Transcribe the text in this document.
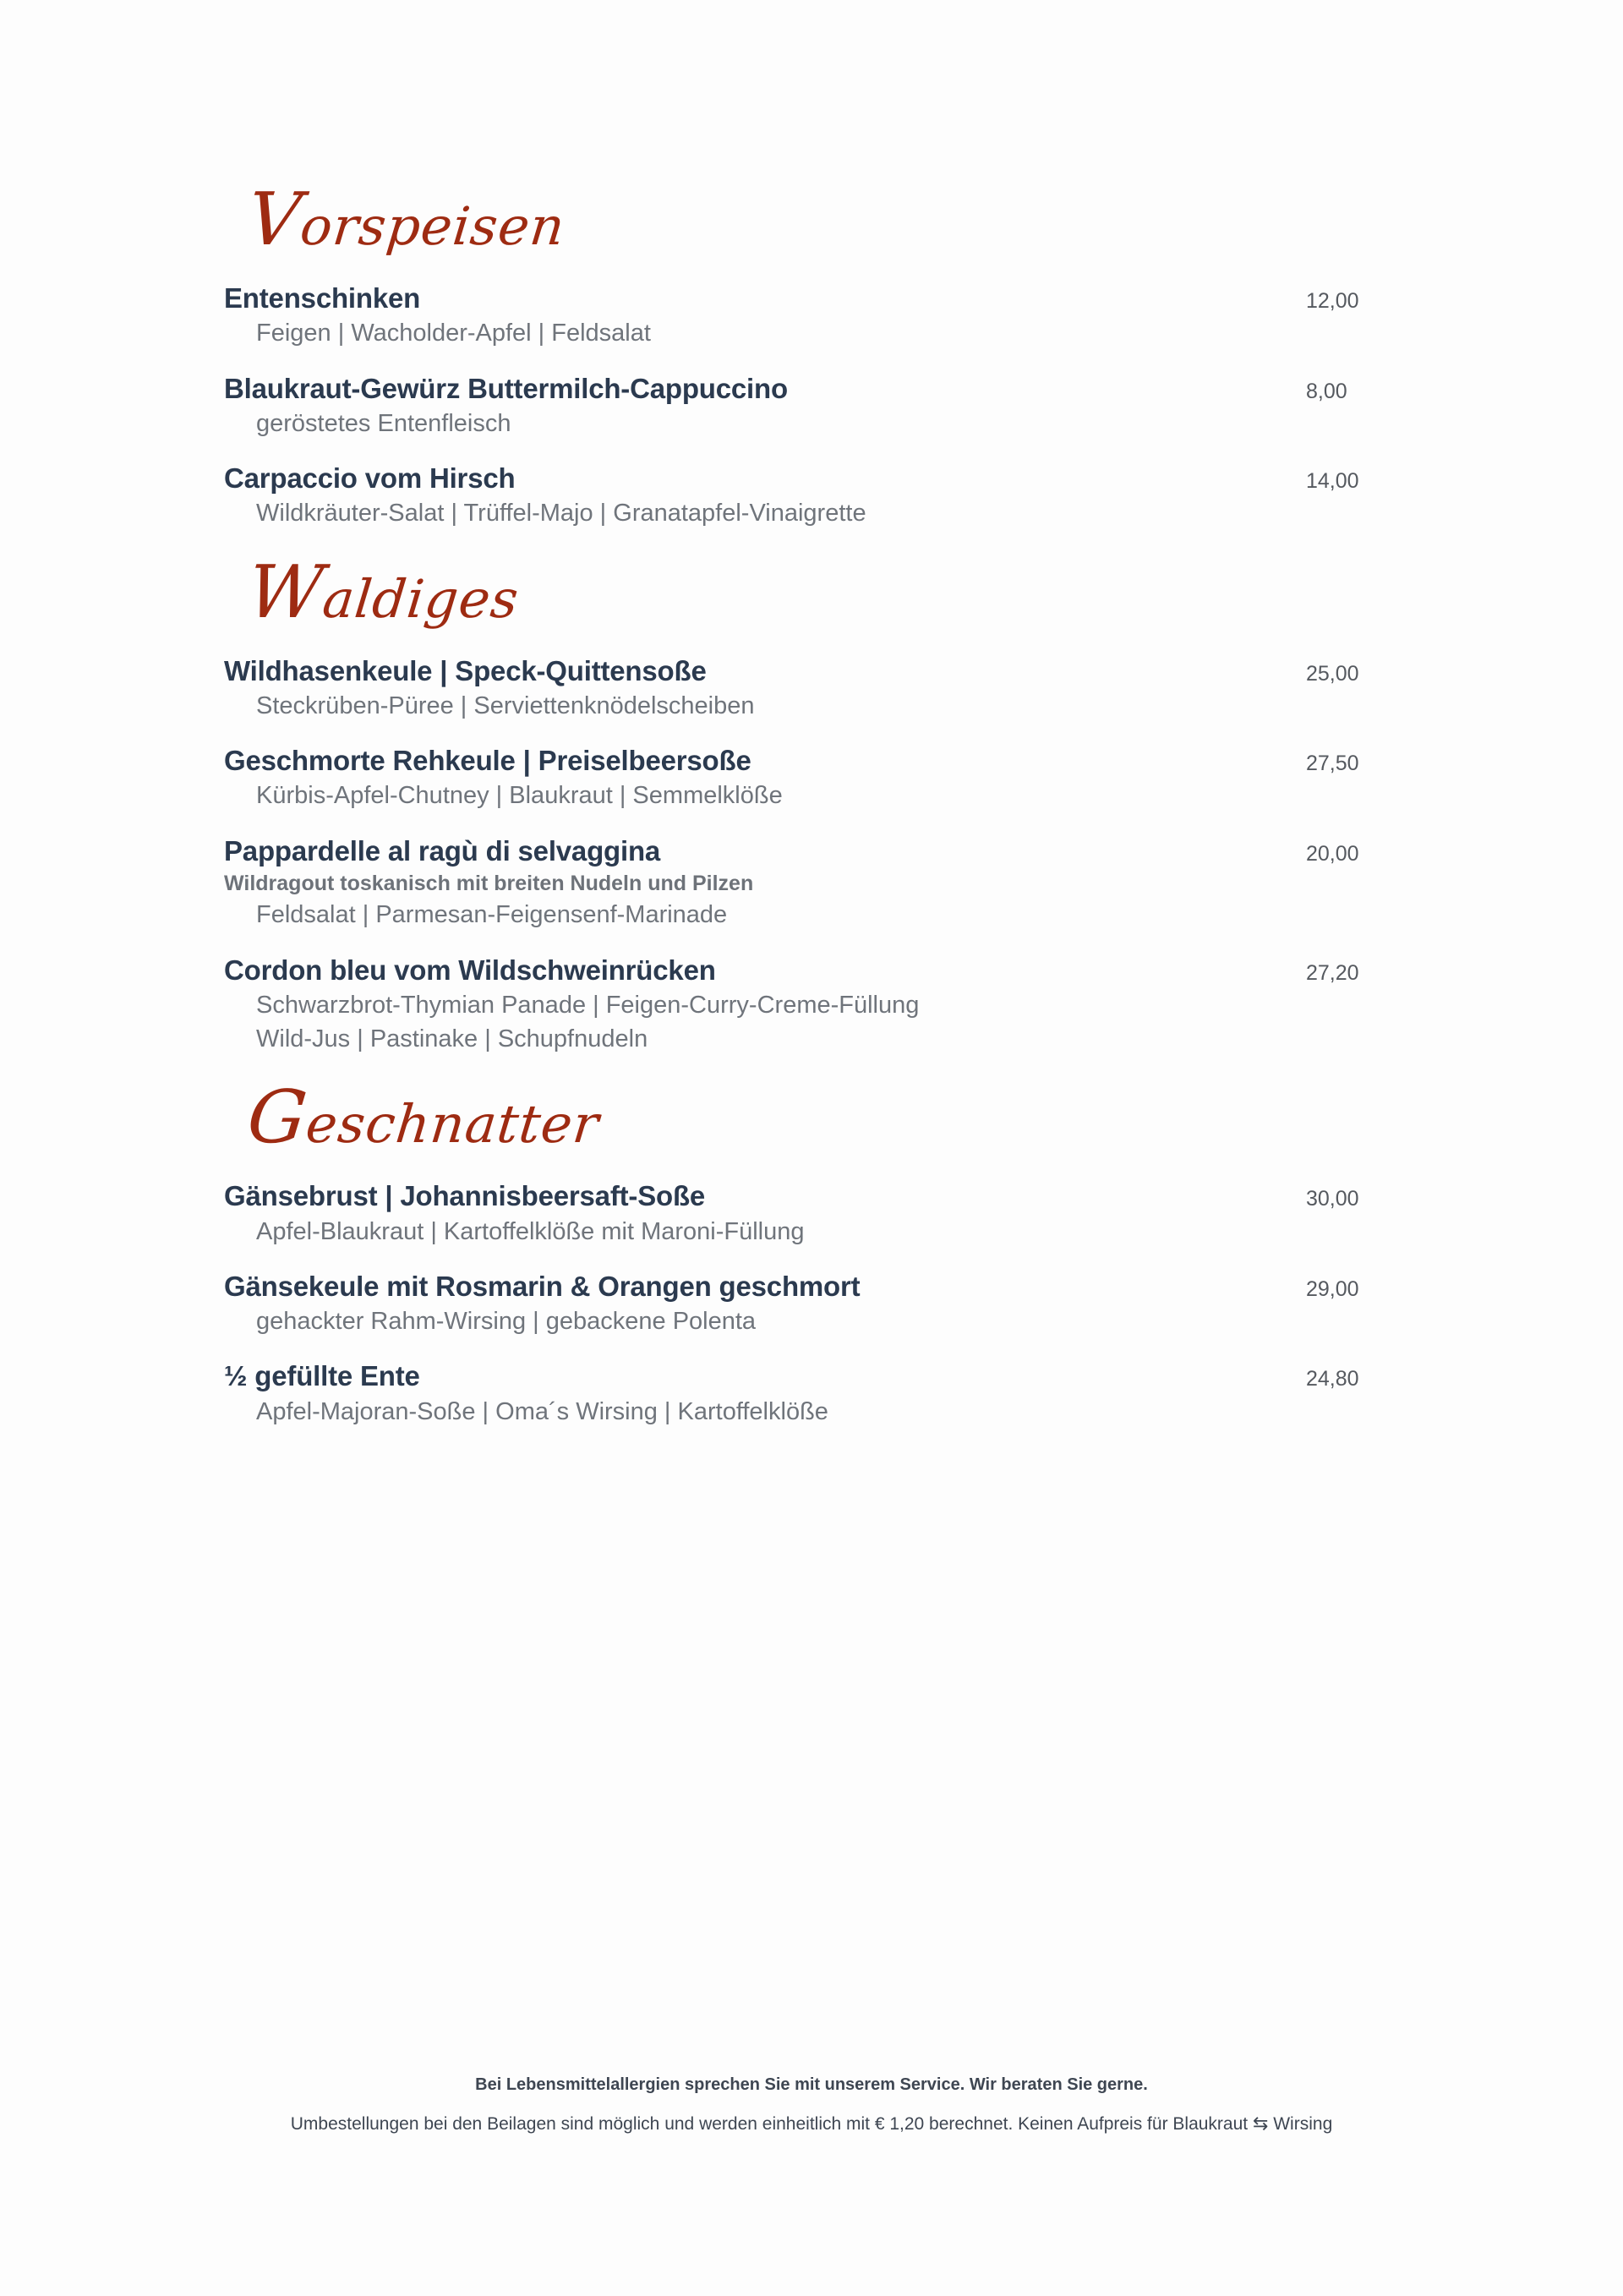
Vorspeisen
Entenschinken
Feigen | Wacholder-Apfel | Feldsalat
12,00
Blaukraut-Gewürz Buttermilch-Cappuccino
geröstetes Entenfleisch
8,00
Carpaccio vom Hirsch
Wildkräuter-Salat | Trüffel-Majo | Granatapfel-Vinaigrette
14,00
Waldiges
Wildhasenkeule | Speck-Quittensoße
Steckrüben-Püree | Serviettenknödelscheiben
25,00
Geschmorte Rehkeule | Preiselbeersoße
Kürbis-Apfel-Chutney | Blaukraut | Semmelklöße
27,50
Pappardelle al ragù di selvaggina
Wildragout toskanisch mit breiten Nudeln und Pilzen
Feldsalat | Parmesan-Feigensenf-Marinade
20,00
Cordon bleu vom Wildschweinrücken
Schwarzbrot-Thymian Panade | Feigen-Curry-Creme-Füllung
Wild-Jus | Pastinake | Schupfnudeln
27,20
Geschnatter
Gänsebrust | Johannisbeersaft-Soße
Apfel-Blaukraut | Kartoffelklöße mit Maroni-Füllung
30,00
Gänsekeule mit Rosmarin & Orangen geschmort
gehackter Rahm-Wirsing | gebackene Polenta
29,00
½ gefüllte Ente
Apfel-Majoran-Soße | Oma´s Wirsing | Kartoffelklöße
24,80
Bei Lebensmittelallergien sprechen Sie mit unserem Service. Wir beraten Sie gerne.
Umbestellungen bei den Beilagen sind möglich und werden einheitlich mit € 1,20 berechnet. Keinen Aufpreis für Blaukraut ⇆ Wirsing
